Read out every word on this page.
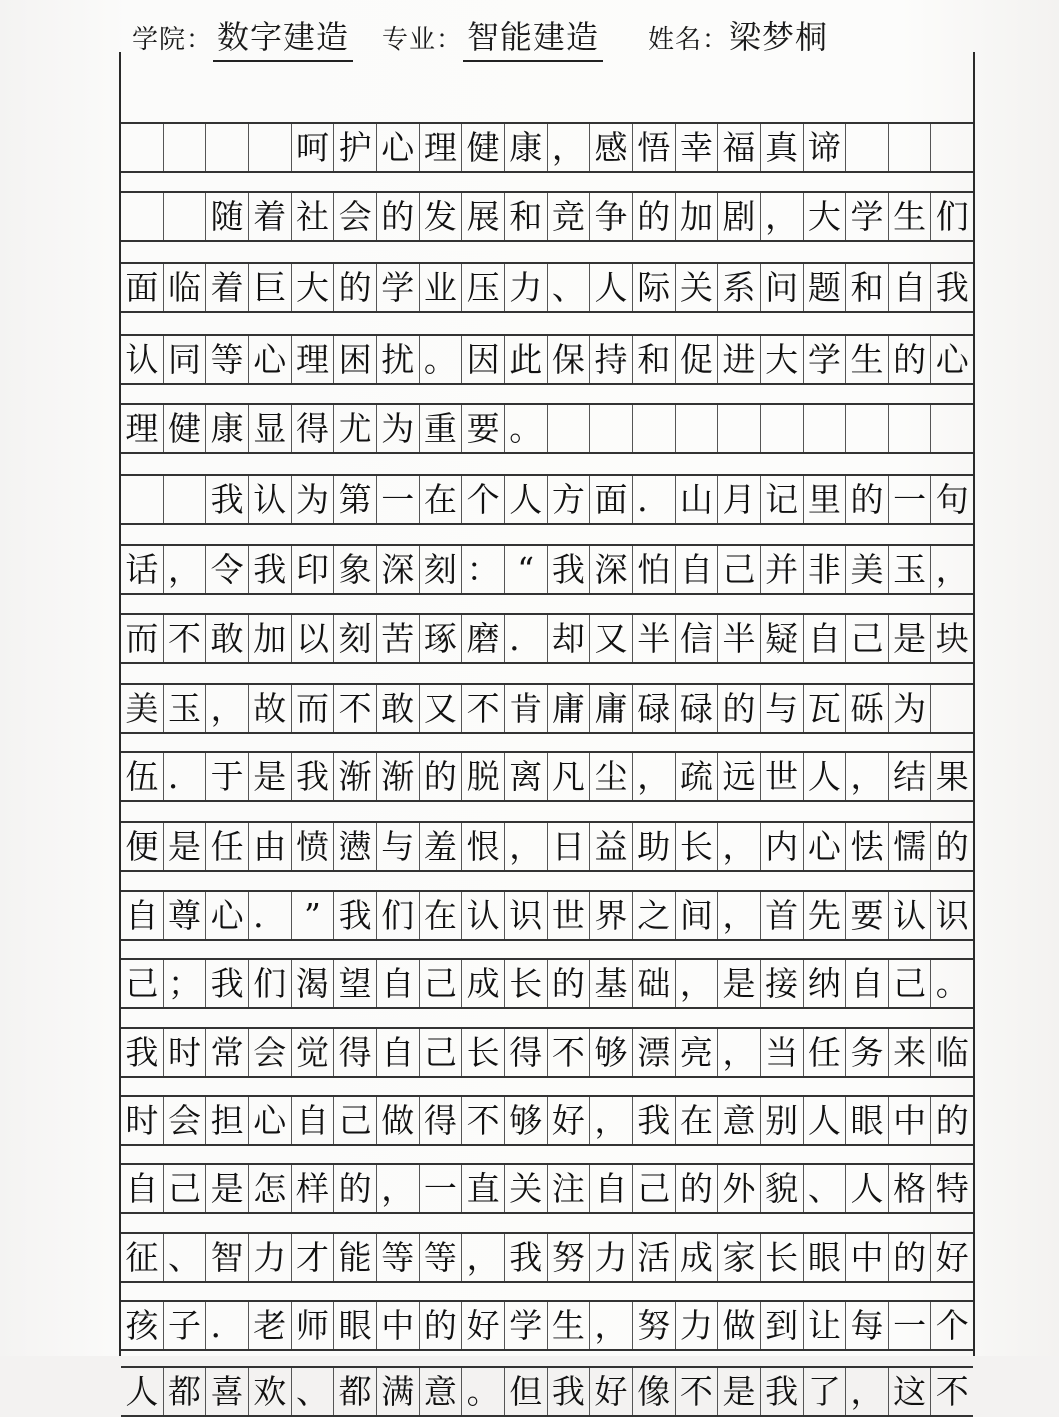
学院： 数字建造 专业： 智能建造 姓名：梁梦桐
呵 护 心 理 健 康 ， 感 悟 幸 福 真 谛
随 着 社 会 的 发 展 和 竞 争 的 加 剧 ， 大 学 生 们
面 临 着 巨 大 的 学 业 压 力 、 人 际 关 系 问 题 和 自 我
认 同 等 心 理 困 扰 。 因 此 保 持 和 促 进 大 学 生 的 心
理 健 康 显 得 尤 为 重 要 。
我 认 为 第 一 在 个 人 方 面 ． 山 月 记 里 的 一 句
话 ， 令 我 印 象 深 刻 ： “ 我 深 怕 自 己 并 非 美 玉 ，
而 不 敢 加 以 刻 苦 琢 磨 ． 却 又 半 信 半 疑 自 己 是 块
美 玉 ， 故 而 不 敢 又 不 肯 庸 庸 碌 碌 的 与 瓦 砾 为
伍 ． 于 是 我 渐 渐 的 脱 离 凡 尘 ， 疏 远 世 人 ， 结 果
便 是 任 由 愤 懑 与 羞 恨 ， 日 益 助 长 ， 内 心 怯 懦 的
自 尊 心 ． ” 我 们 在 认 识 世 界 之 间 ， 首 先 要 认 识
己 ； 我 们 渴 望 自 己 成 长 的 基 础 ， 是 接 纳 自 己 。
我 时 常 会 觉 得 自 己 长 得 不 够 漂 亮 ， 当 任 务 来 临
时 会 担 心 自 己 做 得 不 够 好 ， 我 在 意 别 人 眼 中 的
自 己 是 怎 样 的 ， 一 直 关 注 自 己 的 外 貌 、 人 格 特
征 、 智 力 才 能 等 等 ， 我 努 力 活 成 家 长 眼 中 的 好
孩 子 ． 老 师 眼 中 的 好 学 生 ， 努 力 做 到 让 每 一 个
人 都 喜 欢 、 都 满 意 。 但 我 好 像 不 是 我 了 ， 这 不
